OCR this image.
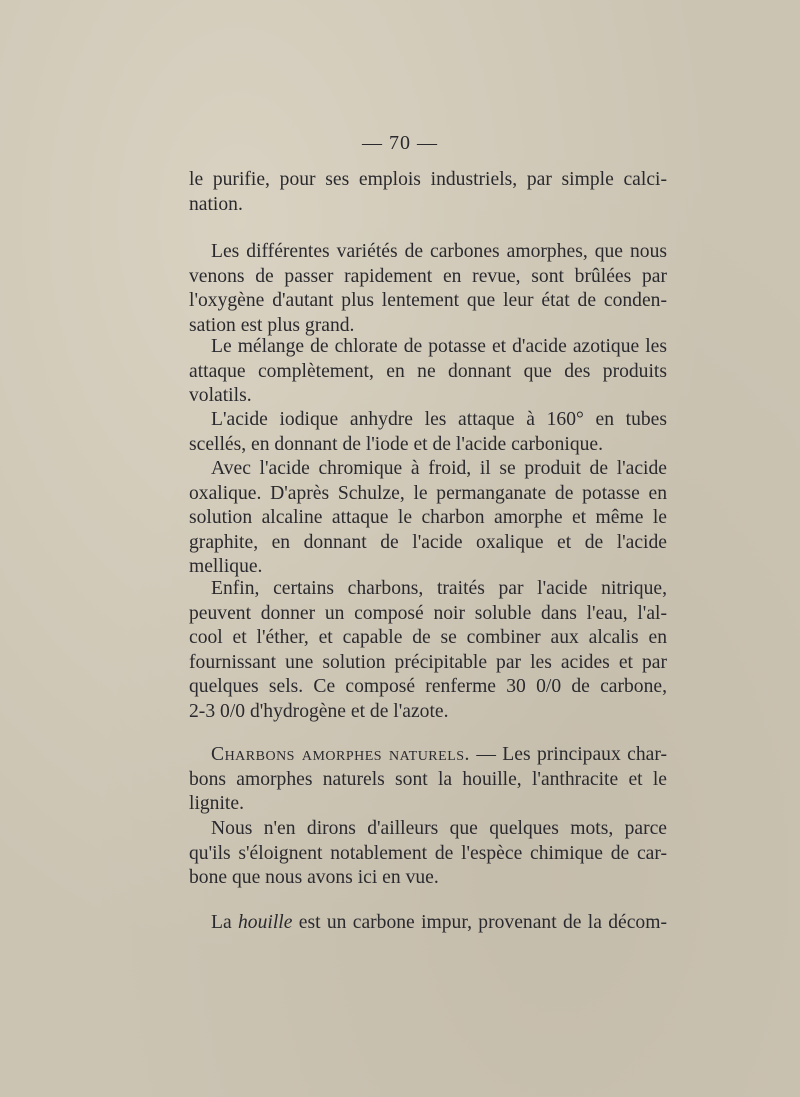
— 70 —
le purifie, pour ses emplois industriels, par simple calci-
nation.
Les différentes variétés de carbones amorphes, que nous
venons de passer rapidement en revue, sont brûlées par
l'oxygène d'autant plus lentement que leur état de conden-
sation est plus grand.
Le mélange de chlorate de potasse et d'acide azotique les
attaque complètement, en ne donnant que des produits
volatils.
L'acide iodique anhydre les attaque à 160° en tubes
scellés, en donnant de l'iode et de l'acide carbonique.
Avec l'acide chromique à froid, il se produit de l'acide
oxalique. D'après Schulze, le permanganate de potasse en
solution alcaline attaque le charbon amorphe et même le
graphite, en donnant de l'acide oxalique et de l'acide
mellique.
Enfin, certains charbons, traités par l'acide nitrique,
peuvent donner un composé noir soluble dans l'eau, l'al-
cool et l'éther, et capable de se combiner aux alcalis en
fournissant une solution précipitable par les acides et par
quelques sels. Ce composé renferme 30 0/0 de carbone,
2-3 0/0 d'hydrogène et de l'azote.
Charbons amorphes naturels. — Les principaux char-
bons amorphes naturels sont la houille, l'anthracite et le
lignite.
Nous n'en dirons d'ailleurs que quelques mots, parce
qu'ils s'éloignent notablement de l'espèce chimique de car-
bone que nous avons ici en vue.
La houille est un carbone impur, provenant de la décom-
